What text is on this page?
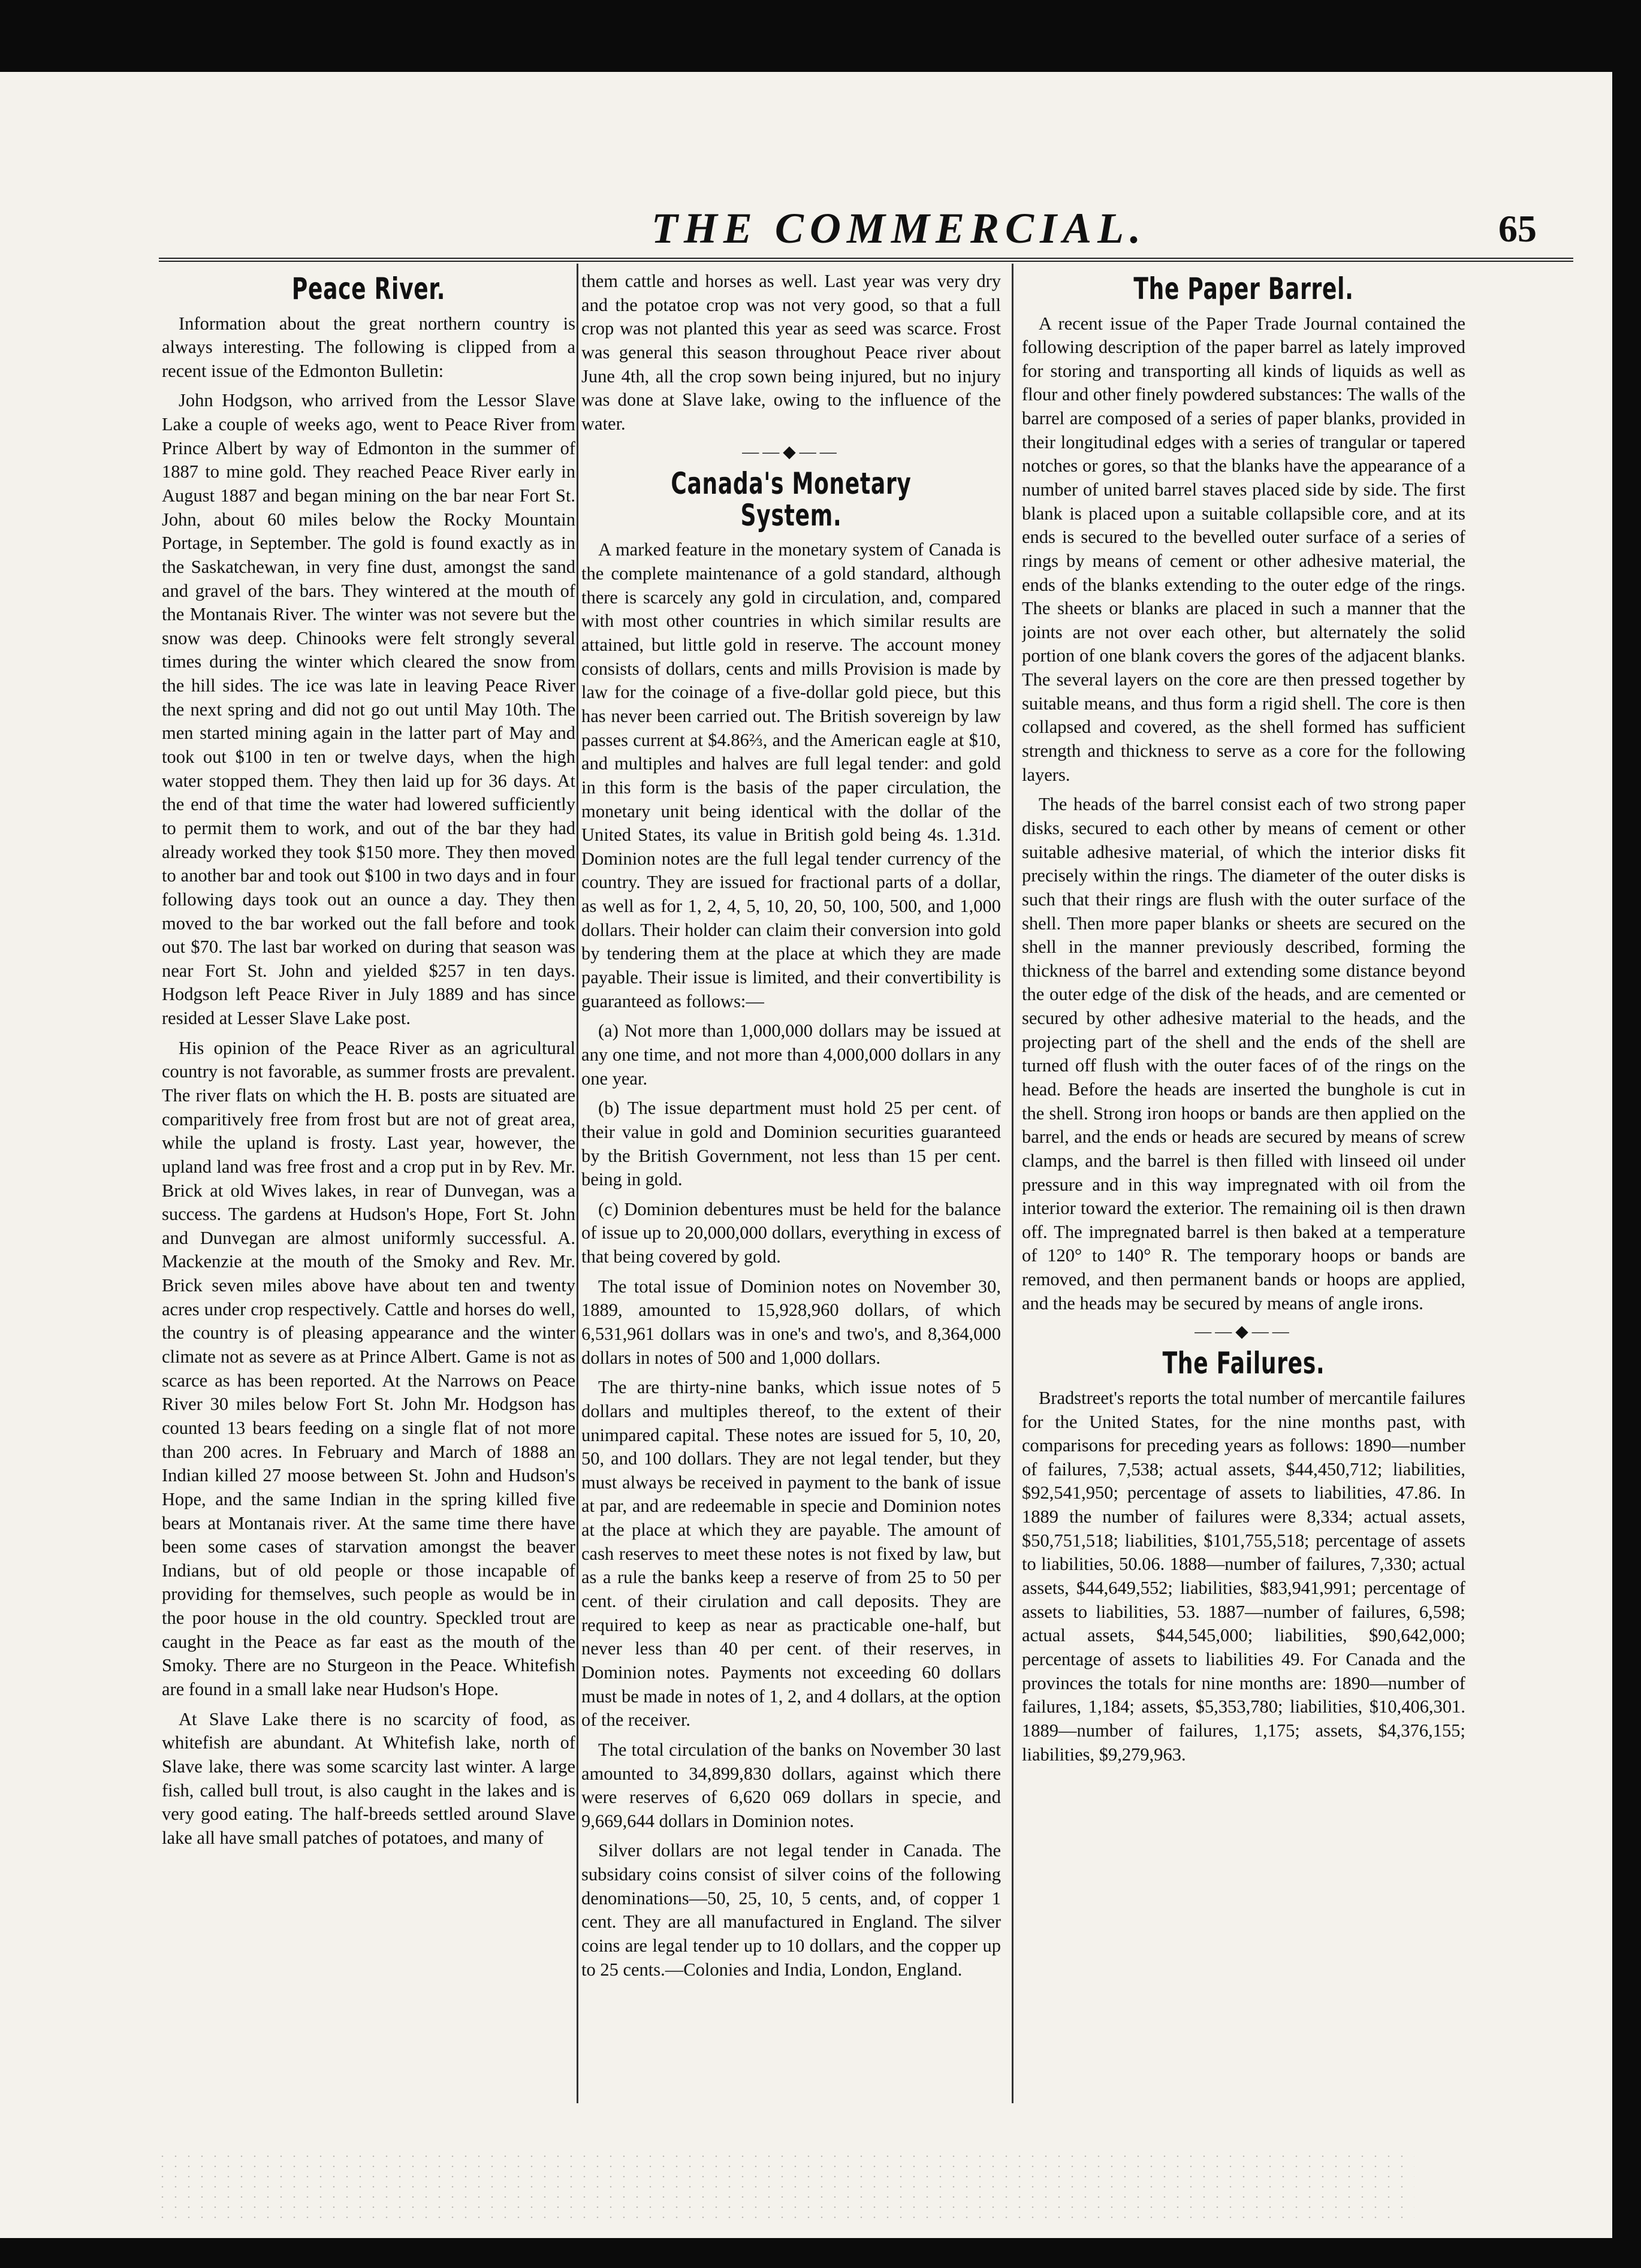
THE COMMERCIAL.	65
Peace River.

Information about the great northern country is always interesting. The following is clipped from a recent issue of the Edmonton Bulletin:

John Hodgson, who arrived from the Lessor Slave Lake a couple of weeks ago, went to Peace River from Prince Albert by way of Edmonton in the summer of 1887 to mine gold. They reached Peace River early in August 1887 and began mining on the bar near Fort St. John, about 60 miles below the Rocky Mountain Portage, in September. The gold is found exactly as in the Saskatchewan, in very fine dust, amongst the sand and gravel of the bars. They wintered at the mouth of the Montanais River. The winter was not severe but the snow was deep. Chinooks were felt strongly several times during the winter which cleared the snow from the hill sides. The ice was late in leaving Peace River the next spring and did not go out until May 10th. The men started mining again in the latter part of May and took out $100 in ten or twelve days, when the high water stopped them. They then laid up for 36 days. At the end of that time the water had lowered sufficiently to permit them to work, and out of the bar they had already worked they took $150 more. They then moved to another bar and took out $100 in two days and in four following days took out an ounce a day. They then moved to the bar worked out the fall before and took out $70. The last bar worked on during that season was near Fort St. John and yielded $257 in ten days. Hodgson left Peace River in July 1889 and has since resided at Lesser Slave Lake post.

His opinion of the Peace River as an agricultural country is not favorable, as summer frosts are prevalent. The river flats on which the H. B. posts are situated are comparitively free from frost but are not of great area, while the upland is frosty. Last year, however, the upland land was free frost and a crop put in by Rev. Mr. Brick at old Wives lakes, in rear of Dunvegan, was a success. The gardens at Hudson's Hope, Fort St. John and Dunvegan are almost uniformly successful. A. Mackenzie at the mouth of the Smoky and Rev. Mr. Brick seven miles above have about ten and twenty acres under crop respectively. Cattle and horses do well, the country is of pleasing appearance and the winter climate not as severe as at Prince Albert. Game is not as scarce as has been reported. At the Narrows on Peace River 30 miles below Fort St. John Mr. Hodgson has counted 13 bears feeding on a single flat of not more than 200 acres. In February and March of 1888 an Indian killed 27 moose between St. John and Hudson's Hope, and the same Indian in the spring killed five bears at Montanais river. At the same time there have been some cases of starvation amongst the beaver Indians, but of old people or those incapable of providing for themselves, such people as would be in the poor house in the old country. Speckled trout are caught in the Peace as far east as the mouth of the Smoky. There are no Sturgeon in the Peace. Whitefish are found in a small lake near Hudson's Hope.

At Slave Lake there is no scarcity of food, as whitefish are abundant. At Whitefish lake, north of Slave lake, there was some scarcity last winter. A large fish, called bull trout, is also caught in the lakes and is very good eating. The half-breeds settled around Slave lake all have small patches of potatoes, and many of

them cattle and horses as well. Last year was very dry and the potatoe crop was not very good, so that a full crop was not planted this year as seed was scarce. Frost was general this season throughout Peace river about June 4th, all the crop sown being injured, but no injury was done at Slave lake, owing to the influence of the water.

——◆——
Canada's Monetary System.

A marked feature in the monetary system of Canada is the complete maintenance of a gold standard, although there is scarcely any gold in circulation, and, compared with most other countries in which similar results are attained, but little gold in reserve. The account money consists of dollars, cents and mills Provision is made by law for the coinage of a five-dollar gold piece, but this has never been carried out. The British sovereign by law passes current at $4.86⅔, and the American eagle at $10, and multiples and halves are full legal tender: and gold in this form is the basis of the paper circulation, the monetary unit being identical with the dollar of the United States, its value in British gold being 4s. 1.31d. Dominion notes are the full legal tender currency of the country. They are issued for fractional parts of a dollar, as well as for 1, 2, 4, 5, 10, 20, 50, 100, 500, and 1,000 dollars. Their holder can claim their conversion into gold by tendering them at the place at which they are made payable. Their issue is limited, and their convertibility is guaranteed as follows:—

(a) Not more than 1,000,000 dollars may be issued at any one time, and not more than 4,000,000 dollars in any one year.

(b) The issue department must hold 25 per cent. of their value in gold and Dominion securities guaranteed by the British Government, not less than 15 per cent. being in gold.

(c) Dominion debentures must be held for the balance of issue up to 20,000,000 dollars, everything in excess of that being covered by gold.

The total issue of Dominion notes on November 30, 1889, amounted to 15,928,960 dollars, of which 6,531,961 dollars was in one's and two's, and 8,364,000 dollars in notes of 500 and 1,000 dollars.

The are thirty-nine banks, which issue notes of 5 dollars and multiples thereof, to the extent of their unimpared capital. These notes are issued for 5, 10, 20, 50, and 100 dollars. They are not legal tender, but they must always be received in payment to the bank of issue at par, and are redeemable in specie and Dominion notes at the place at which they are payable. The amount of cash reserves to meet these notes is not fixed by law, but as a rule the banks keep a reserve of from 25 to 50 per cent. of their cirulation and call deposits. They are required to keep as near as practicable one-half, but never less than 40 per cent. of their reserves, in Dominion notes. Payments not exceeding 60 dollars must be made in notes of 1, 2, and 4 dollars, at the option of the receiver.

The total circulation of the banks on November 30 last amounted to 34,899,830 dollars, against which there were reserves of 6,620 069 dollars in specie, and 9,669,644 dollars in Dominion notes.

Silver dollars are not legal tender in Canada. The subsidary coins consist of silver coins of the following denominations—50, 25, 10, 5 cents, and, of copper 1 cent. They are all manufactured in England. The silver coins are legal tender up to 10 dollars, and the copper up to 25 cents.—Colonies and India, London, England.

The Paper Barrel.

A recent issue of the Paper Trade Journal contained the following description of the paper barrel as lately improved for storing and transporting all kinds of liquids as well as flour and other finely powdered substances: The walls of the barrel are composed of a series of paper blanks, provided in their longitudinal edges with a series of trangular or tapered notches or gores, so that the blanks have the appearance of a number of united barrel staves placed side by side. The first blank is placed upon a suitable collapsible core, and at its ends is secured to the bevelled outer surface of a series of rings by means of cement or other adhesive material, the ends of the blanks extending to the outer edge of the rings. The sheets or blanks are placed in such a manner that the joints are not over each other, but alternately the solid portion of one blank covers the gores of the adjacent blanks. The several layers on the core are then pressed together by suitable means, and thus form a rigid shell. The core is then collapsed and covered, as the shell formed has sufficient strength and thickness to serve as a core for the following layers.

The heads of the barrel consist each of two strong paper disks, secured to each other by means of cement or other suitable adhesive material, of which the interior disks fit precisely within the rings. The diameter of the outer disks is such that their rings are flush with the outer surface of the shell. Then more paper blanks or sheets are secured on the shell in the manner previously described, forming the thickness of the barrel and extending some distance beyond the outer edge of the disk of the heads, and are cemented or secured by other adhesive material to the heads, and the projecting part of the shell and the ends of the shell are turned off flush with the outer faces of of the rings on the head. Before the heads are inserted the bunghole is cut in the shell. Strong iron hoops or bands are then applied on the barrel, and the ends or heads are secured by means of screw clamps, and the barrel is then filled with linseed oil under pressure and in this way impregnated with oil from the interior toward the exterior. The remaining oil is then drawn off. The impregnated barrel is then baked at a temperature of 120° to 140° R. The temporary hoops or bands are removed, and then permanent bands or hoops are applied, and the heads may be secured by means of angle irons.

——◆——
The Failures.

Bradstreet's reports the total number of mercantile failures for the United States, for the nine months past, with comparisons for preceding years as follows: 1890—number of failures, 7,538; actual assets, $44,450,712; liabilities, $92,541,950; percentage of assets to liabilities, 47.86. In 1889 the number of failures were 8,334; actual assets, $50,751,518; liabilities, $101,755,518; percentage of assets to liabilities, 50.06. 1888—number of failures, 7,330; actual assets, $44,649,552; liabilities, $83,941,991; percentage of assets to liabilities, 53. 1887—number of failures, 6,598; actual assets, $44,545,000; liabilities, $90,642,000; percentage of assets to liabilities 49. For Canada and the provinces the totals for nine months are: 1890—number of failures, 1,184; assets, $5,353,780; liabilities, $10,406,301. 1889—number of failures, 1,175; assets, $4,376,155; liabilities, $9,279,963.
